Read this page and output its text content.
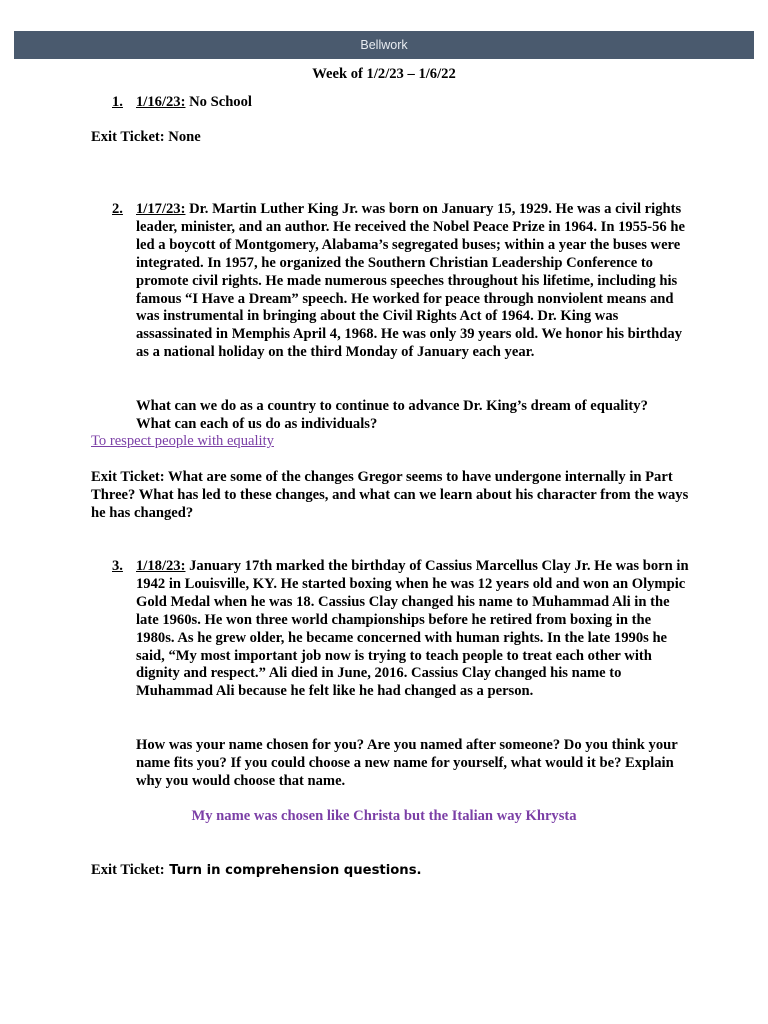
Bellwork
Week of 1/2/23 – 1/6/22
1. 1/16/23: No School
Exit Ticket: None
2. 1/17/23: Dr. Martin Luther King Jr. was born on January 15, 1929. He was a civil rights leader, minister, and an author. He received the Nobel Peace Prize in 1964. In 1955-56 he led a boycott of Montgomery, Alabama’s segregated buses; within a year the buses were integrated. In 1957, he organized the Southern Christian Leadership Conference to promote civil rights. He made numerous speeches throughout his lifetime, including his famous “I Have a Dream” speech. He worked for peace through nonviolent means and was instrumental in bringing about the Civil Rights Act of 1964. Dr. King was assassinated in Memphis April 4, 1968. He was only 39 years old. We honor his birthday as a national holiday on the third Monday of January each year.
What can we do as a country to continue to advance Dr. King’s dream of equality? What can each of us do as individuals?
To respect people with equality
Exit Ticket: What are some of the changes Gregor seems to have undergone internally in Part Three? What has led to these changes, and what can we learn about his character from the ways he has changed?
3. 1/18/23: January 17th marked the birthday of Cassius Marcellus Clay Jr. He was born in 1942 in Louisville, KY. He started boxing when he was 12 years old and won an Olympic Gold Medal when he was 18. Cassius Clay changed his name to Muhammad Ali in the late 1960s. He won three world championships before he retired from boxing in the 1980s. As he grew older, he became concerned with human rights. In the late 1990s he said, “My most important job now is trying to teach people to treat each other with dignity and respect.” Ali died in June, 2016. Cassius Clay changed his name to Muhammad Ali because he felt like he had changed as a person.
How was your name chosen for you? Are you named after someone? Do you think your name fits you? If you could choose a new name for yourself, what would it be? Explain why you would choose that name.
My name was chosen like Christa but the Italian way Khrysta
Exit Ticket: Turn in comprehension questions.
